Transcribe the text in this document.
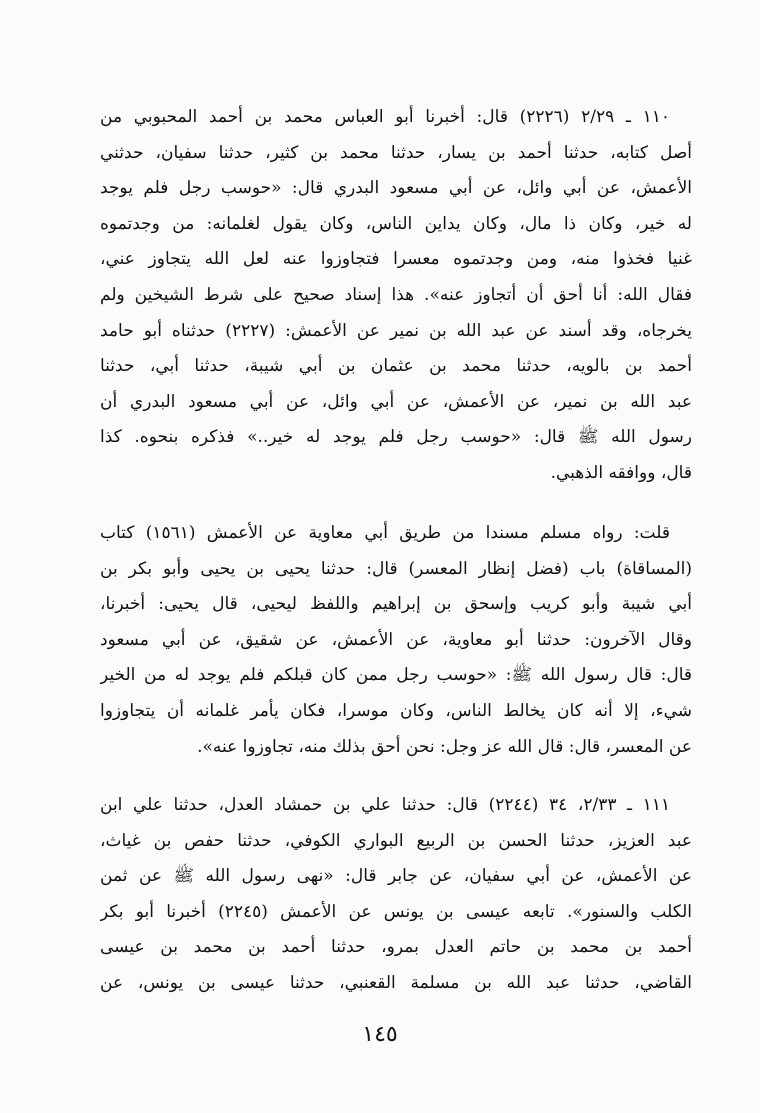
١١٠ ـ ٢/٢٩ (٢٢٢٦) قال: أخبرنا أبو العباس محمد بن أحمد المحبوبي من
أصل كتابه، حدثنا أحمد بن يسار، حدثنا محمد بن كثير، حدثنا سفيان، حدثني
الأعمش، عن أبي وائل، عن أبي مسعود البدري قال: «حوسب رجل فلم يوجد
له خير، وكان ذا مال، وكان يداين الناس، وكان يقول لغلمانه: من وجدتموه
غنيا فخذوا منه، ومن وجدتموه معسرا فتجاوزوا عنه لعل الله يتجاوز عني،
فقال الله: أنا أحق أن أتجاوز عنه». هذا إسناد صحيح على شرط الشيخين ولم
يخرجاه، وقد أسند عن عبد الله بن نمير عن الأعمش: (٢٢٢٧) حدثناه أبو حامد
أحمد بن بالويه، حدثنا محمد بن عثمان بن أبي شيبة، حدثنا أبي، حدثنا
عبد الله بن نمير، عن الأعمش، عن أبي وائل، عن أبي مسعود البدري أن
رسول الله ﷺ قال: «حوسب رجل فلم يوجد له خير..» فذكره بنحوه. كذا
قال، ووافقه الذهبي.
قلت: رواه مسلم مسندا من طريق أبي معاوية عن الأعمش (١٥٦١) كتاب
(المساقاة) باب (فضل إنظار المعسر) قال: حدثنا يحيى بن يحيى وأبو بكر بن
أبي شيبة وأبو كريب وإسحق بن إبراهيم واللفظ ليحيى، قال يحيى: أخبرنا،
وقال الآخرون: حدثنا أبو معاوية، عن الأعمش، عن شقيق، عن أبي مسعود
قال: قال رسول الله ﷺ: «حوسب رجل ممن كان قبلكم فلم يوجد له من الخير
شيء، إلا أنه كان يخالط الناس، وكان موسرا، فكان يأمر غلمانه أن يتجاوزوا
عن المعسر، قال: قال الله عز وجل: نحن أحق بذلك منه، تجاوزوا عنه».
١١١ ـ ٢/٣٣، ٣٤ (٢٢٤٤) قال: حدثنا علي بن حمشاد العدل، حدثنا علي ابن
عبد العزيز، حدثنا الحسن بن الربيع البواري الكوفي، حدثنا حفص بن غياث،
عن الأعمش، عن أبي سفيان، عن جابر قال: «نهى رسول الله ﷺ عن ثمن
الكلب والسنور». تابعه عيسى بن يونس عن الأعمش (٢٢٤٥) أخبرنا أبو بكر
أحمد بن محمد بن حاتم العدل بمرو، حدثنا أحمد بن محمد بن عيسى
القاضي، حدثنا عبد الله بن مسلمة القعنبي، حدثنا عيسى بن يونس، عن
١٤٥
